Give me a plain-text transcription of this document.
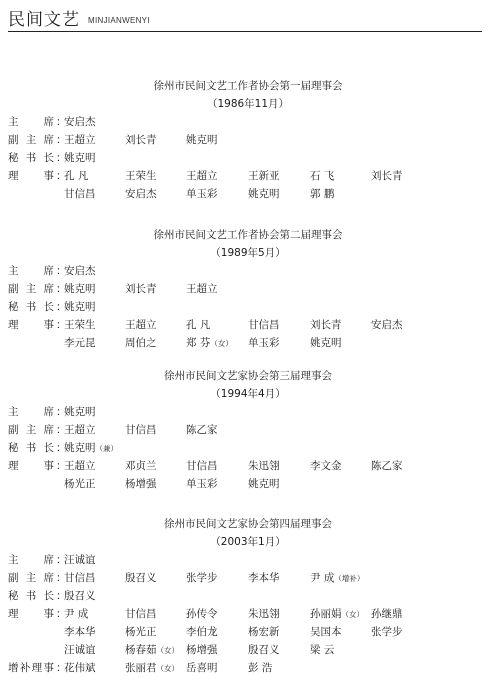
民间文艺 MINJIANWENYI
徐州市民间文艺工作者协会第一届理事会
（1986年11月）
主 席 ：
安启杰
副 主 席 ：
王超立	刘长青	姚克明
秘 书 长 ：
姚克明
理 事 ：
孔 凡	王荣生	王超立	王新亚	石 飞	刘长青
甘信昌	安启杰	单玉彩	姚克明	郭 鹏
徐州市民间文艺工作者协会第二届理事会
（1989年5月）
主 席 ：
安启杰
副 主 席 ：
姚克明	刘长青	王超立
秘 书 长 ：
姚克明
理 事 ：
王荣生	王超立	孔 凡	甘信昌	刘长青	安启杰
李元昆	周伯之	郑 芬（女） 单玉彩	姚克明
徐州市民间文艺家协会第三届理事会
（1994年4月）
主 席 ：
姚克明
副 主 席 ：
王超立	甘信昌	陈乙家
秘 书 长 ：
姚克明（兼）
理 事 ：
王超立	邓贞兰	甘信昌	朱迅翎	李文金	陈乙家
杨光正	杨增强	单玉彩	姚克明
徐州市民间文艺家协会第四届理事会
（2003年1月）
主 席 ：
汪诚谊
副 主 席 ：
甘信昌	殷召义	张学步	李本华	尹 成（增补）
秘 书 长 ：
殷召义
理 事 ：
尹 成	甘信昌	孙传令	朱迅翎	孙丽娟（女） 孙继鼎
李本华	杨光正	李伯龙	杨宏新	吴国本	张学步
汪诚谊	杨春茹（女） 杨增强	殷召义	梁 云
增 补 理 事 ：
花伟斌	张丽君（女） 岳喜明	彭 浩
